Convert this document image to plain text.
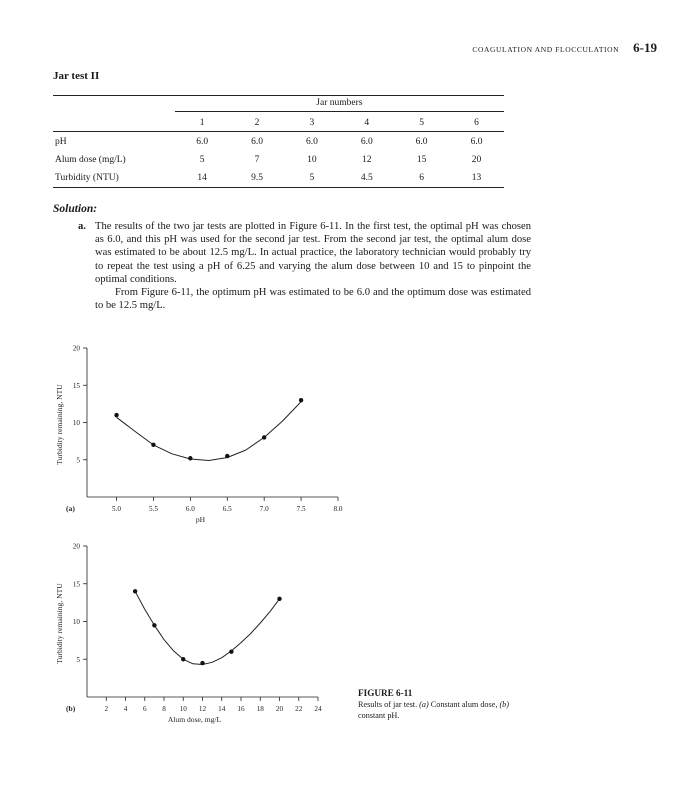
COAGULATION AND FLOCCULATION 6-19
Jar test II

	Jar numbers					
	1	2	3	4	5	6
pH	6.0	6.0	6.0	6.0	6.0	6.0
Alum dose (mg/L)	5	7	10	12	15	20
Turbidity (NTU)	14	9.5	5	4.5	6	13
Solution:
a. The results of the two jar tests are plotted in Figure 6-11. In the first test, the optimal pH was chosen as 6.0, and this pH was used for the second jar test. From the second jar test, the optimal alum dose was estimated to be about 12.5 mg/L. In actual practice, the laboratory technician would probably try to repeat the test using a pH of 6.25 and varying the alum dose between 10 and 15 to pinpoint the optimal conditions.

From Figure 6-11, the optimum pH was estimated to be 6.0 and the optimum dose was estimated to be 12.5 mg/L.

5
10
15
20
5.0	5.5	6.0	6.5	7.0	7.5	8.0
(a)
pH
Turbidity remaining, NTU
5
10
15
20
2 4 6 8 10 12 14 16 18 20 22 24
(b)
Alum dose, mg/L
Turbidity remaining, NTU
FIGURE 6-11
Results of jar test. (a) Constant alum dose, (b) constant pH.
